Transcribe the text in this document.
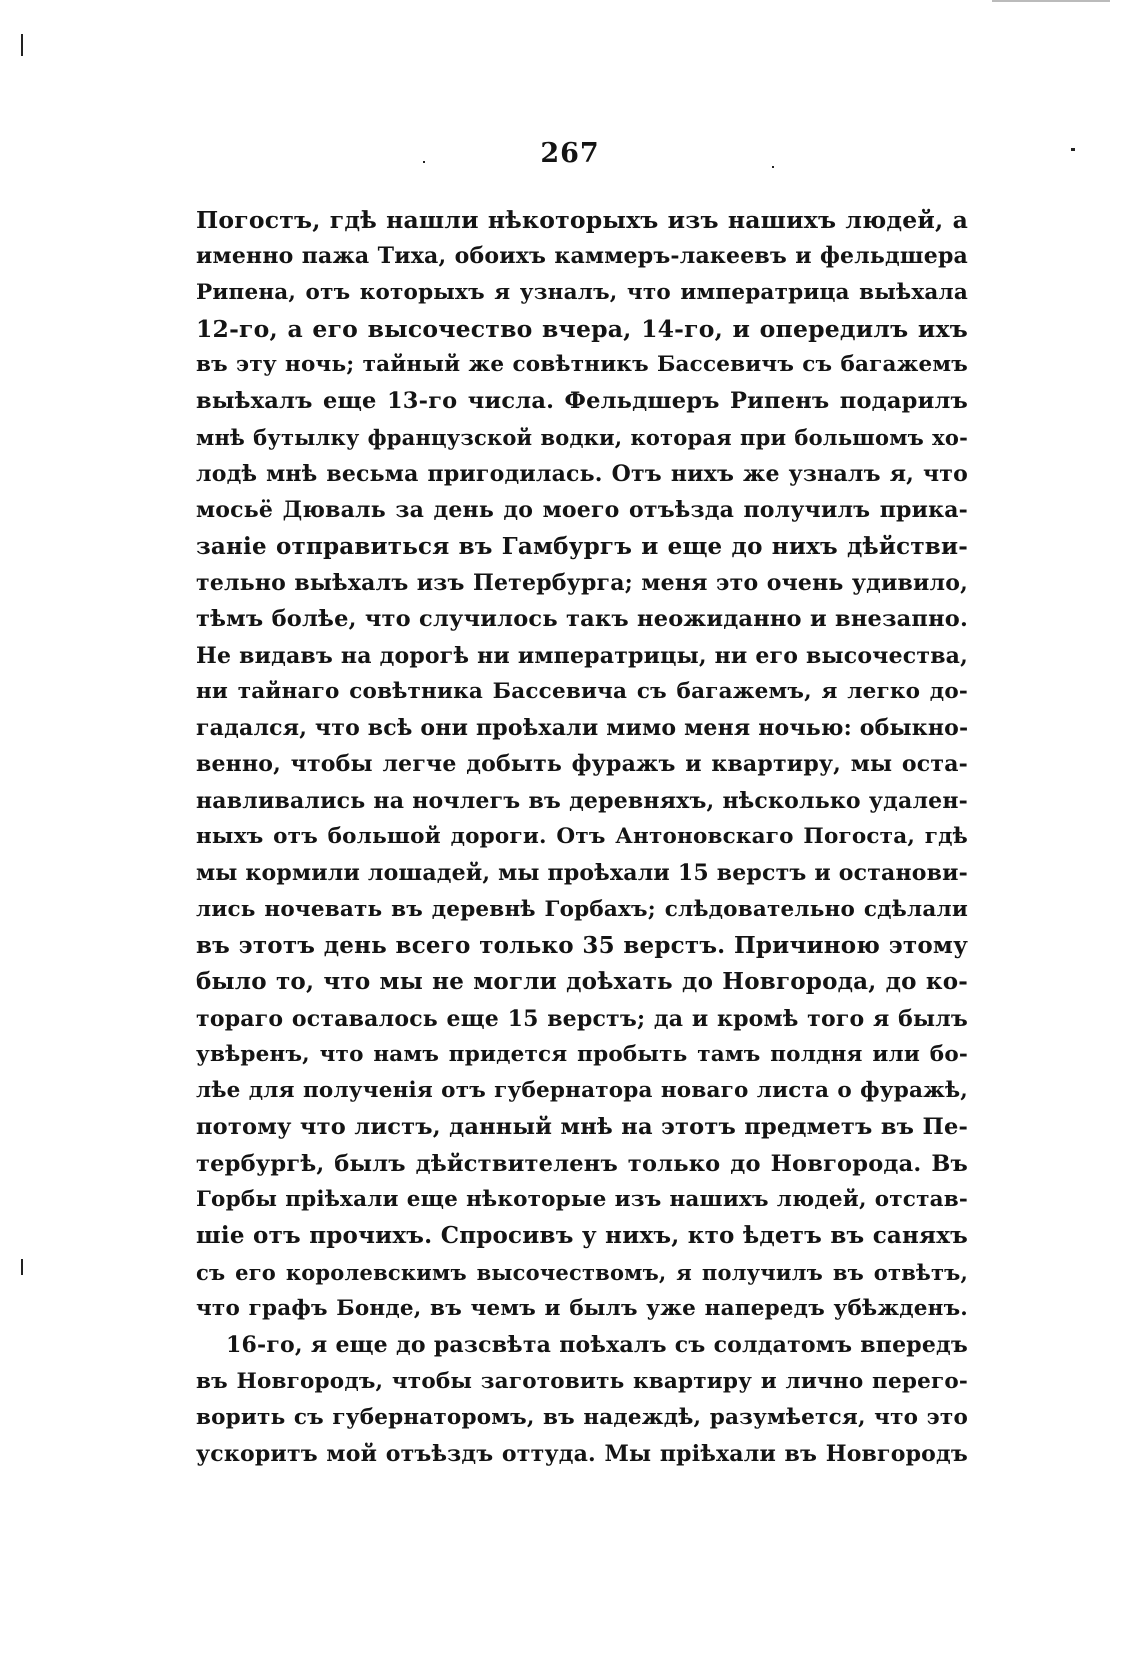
267
Погостъ, гдѣ нашли нѣкоторыхъ изъ нашихъ людей, а
именно пажа Тиха, обоихъ каммеръ-лакеевъ и фельдшера
Рипена, отъ которыхъ я узналъ, что императрица выѣхала
12-го, а его высочество вчера, 14-го, и опередилъ ихъ
въ эту ночь; тайный же совѣтникъ Бассевичъ съ багажемъ
выѣхалъ еще 13-го числа. Фельдшеръ Рипенъ подарилъ
мнѣ бутылку французской водки, которая при большомъ хо-
лодѣ мнѣ весьма пригодилась. Отъ нихъ же узналъ я, что
мосьё Дюваль за день до моего отъѣзда получилъ прика-
заніе отправиться въ Гамбургъ и еще до нихъ дѣйстви-
тельно выѣхалъ изъ Петербурга; меня это очень удивило,
тѣмъ болѣе, что случилось такъ неожиданно и внезапно.
Не видавъ на дорогѣ ни императрицы, ни его высочества,
ни тайнаго совѣтника Бассевича съ багажемъ, я легко до-
гадался, что всѣ они проѣхали мимо меня ночью: обыкно-
венно, чтобы легче добыть фуражъ и квартиру, мы оста-
навливались на ночлегъ въ деревняхъ, нѣсколько удален-
ныхъ отъ большой дороги. Отъ Антоновскаго Погоста, гдѣ
мы кормили лошадей, мы проѣхали 15 верстъ и останови-
лись ночевать въ деревнѣ Горбахъ; слѣдовательно сдѣлали
въ этотъ день всего только 35 верстъ. Причиною этому
было то, что мы не могли доѣхать до Новгорода, до ко-
тораго оставалось еще 15 верстъ; да и кромѣ того я былъ
увѣренъ, что намъ придется пробыть тамъ полдня или бо-
лѣе для полученія отъ губернатора новаго листа о фуражѣ,
потому что листъ, данный мнѣ на этотъ предметъ въ Пе-
тербургѣ, былъ дѣйствителенъ только до Новгорода. Въ
Горбы пріѣхали еще нѣкоторые изъ нашихъ людей, отстав-
шіе отъ прочихъ. Спросивъ у нихъ, кто ѣдетъ въ саняхъ
съ его королевскимъ высочествомъ, я получилъ въ отвѣтъ,
что графъ Бонде, въ чемъ и былъ уже напередъ убѣжденъ.
16-го, я еще до разсвѣта поѣхалъ съ солдатомъ впередъ
въ Новгородъ, чтобы заготовить квартиру и лично перего-
ворить съ губернаторомъ, въ надеждѣ, разумѣется, что это
ускоритъ мой отъѣздъ оттуда. Мы пріѣхали въ Новгородъ
